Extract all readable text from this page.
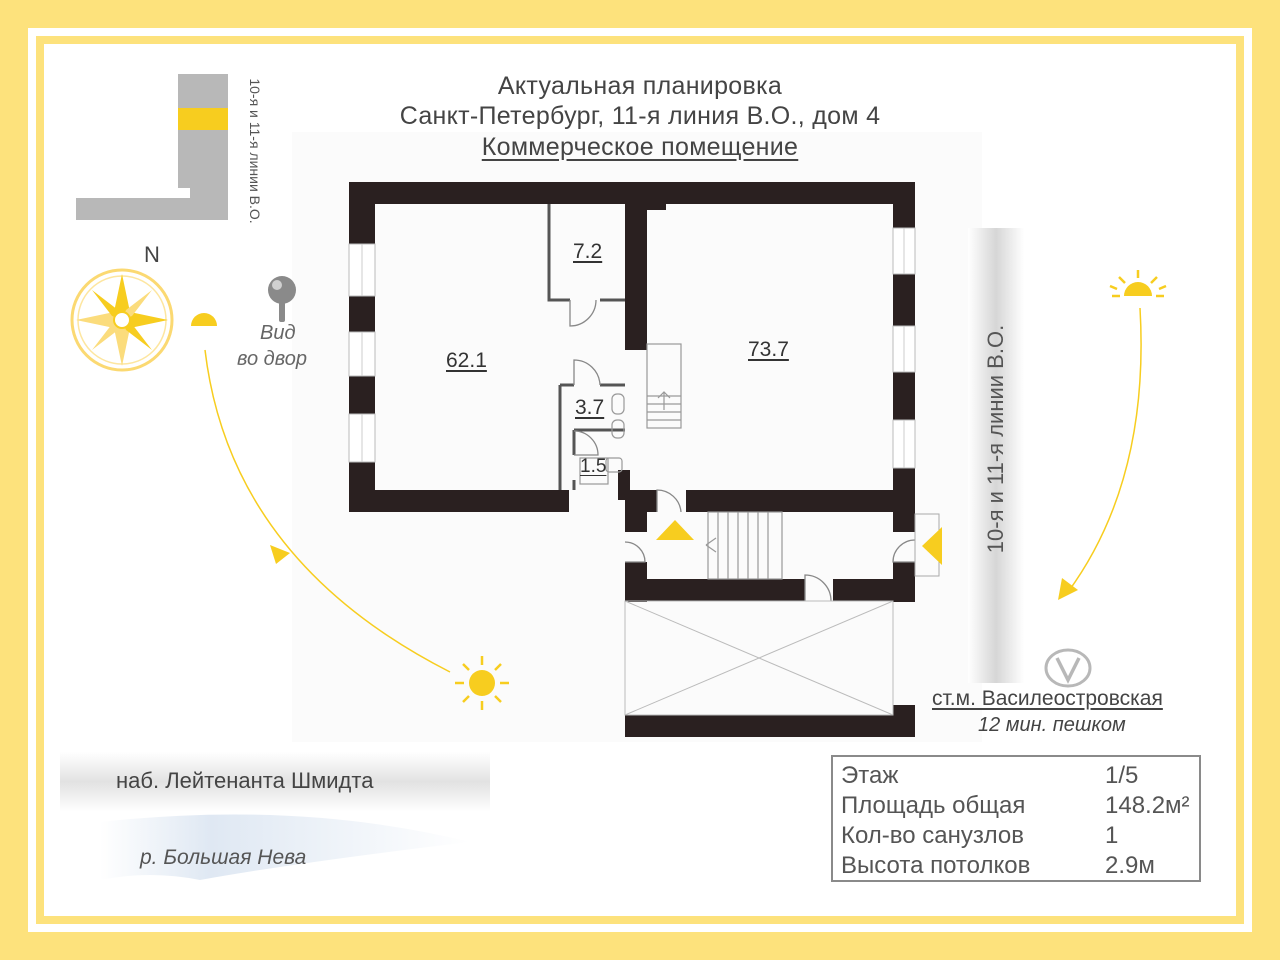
Актуальная планировка
Санкт-Петербург, 11-я линия В.О., дом 4
Коммерческое помещение
62.1
7.2
73.7
3.7
1.5
N
Вид
во двор
10-я и 11-я линии В.О.
10-я и 11-я линии В.О.
наб. Лейтенанта Шмидта
р. Большая Нева
ст.м. Василеостровская
12 мин. пешком
Этаж	1/5
Площадь общая	148.2м²
Кол-во санузлов	1
Высота потолков	2.9м
